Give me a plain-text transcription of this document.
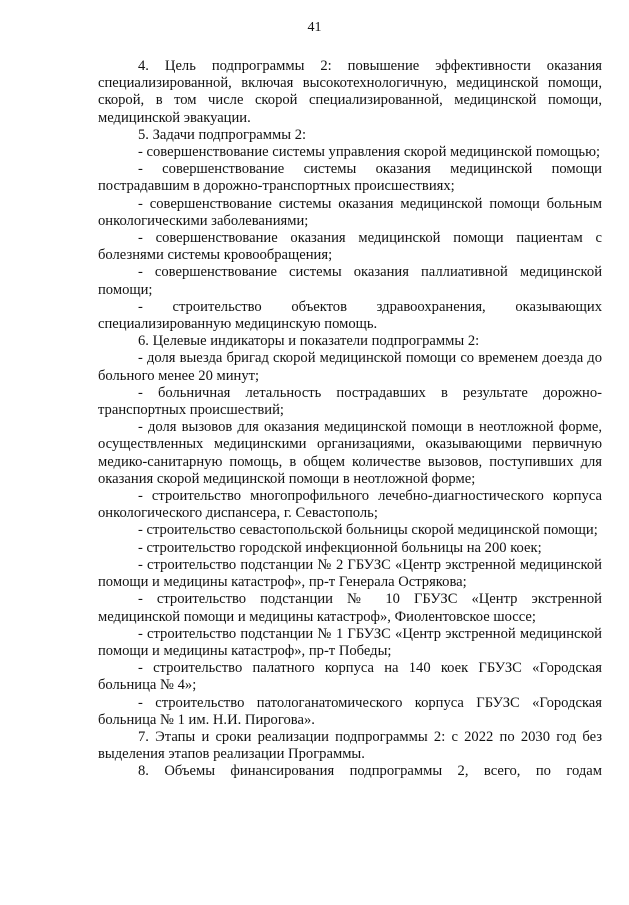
41

4. Цель подпрограммы 2: повышение эффективности оказания специализированной, включая высокотехнологичную, медицинской помощи, скорой, в том числе скорой специализированной, медицинской помощи, медицинской эвакуации.

5. Задачи подпрограммы 2:

- совершенствование системы управления скорой медицинской помощью;

- совершенствование системы оказания медицинской помощи пострадавшим в дорожно-транспортных происшествиях;

- совершенствование системы оказания медицинской помощи больным онкологическими заболеваниями;

- совершенствование оказания медицинской помощи пациентам с болезнями системы кровообращения;

- совершенствование системы оказания паллиативной медицинской помощи;

- строительство объектов здравоохранения, оказывающих специализированную медицинскую помощь.

6. Целевые индикаторы и показатели подпрограммы 2:

- доля выезда бригад скорой медицинской помощи со временем доезда до больного менее 20 минут;

- больничная летальность пострадавших в результате дорожно-транспортных происшествий;

- доля вызовов для оказания медицинской помощи в неотложной форме, осуществленных медицинскими организациями, оказывающими первичную медико-санитарную помощь, в общем количестве вызовов, поступивших для оказания скорой медицинской помощи в неотложной форме;

- строительство многопрофильного лечебно-диагностического корпуса онкологического диспансера, г. Севастополь;

- строительство севастопольской больницы скорой медицинской помощи;

- строительство городской инфекционной больницы на 200 коек;

- строительство подстанции № 2 ГБУЗС «Центр экстренной медицинской помощи и медицины катастроф», пр-т Генерала Острякова;

- строительство подстанции № 10 ГБУЗС «Центр экстренной медицинской помощи и медицины катастроф», Фиолентовское шоссе;

- строительство подстанции № 1 ГБУЗС «Центр экстренной медицинской помощи и медицины катастроф», пр-т Победы;

- строительство палатного корпуса на 140 коек ГБУЗС «Городская больница № 4»;

- строительство патологанатомического корпуса ГБУЗС «Городская больница № 1 им. Н.И. Пирогова».

7. Этапы и сроки реализации подпрограммы 2: с 2022 по 2030 год без выделения этапов реализации Программы.

8. Объемы финансирования подпрограммы 2, всего, по годам
